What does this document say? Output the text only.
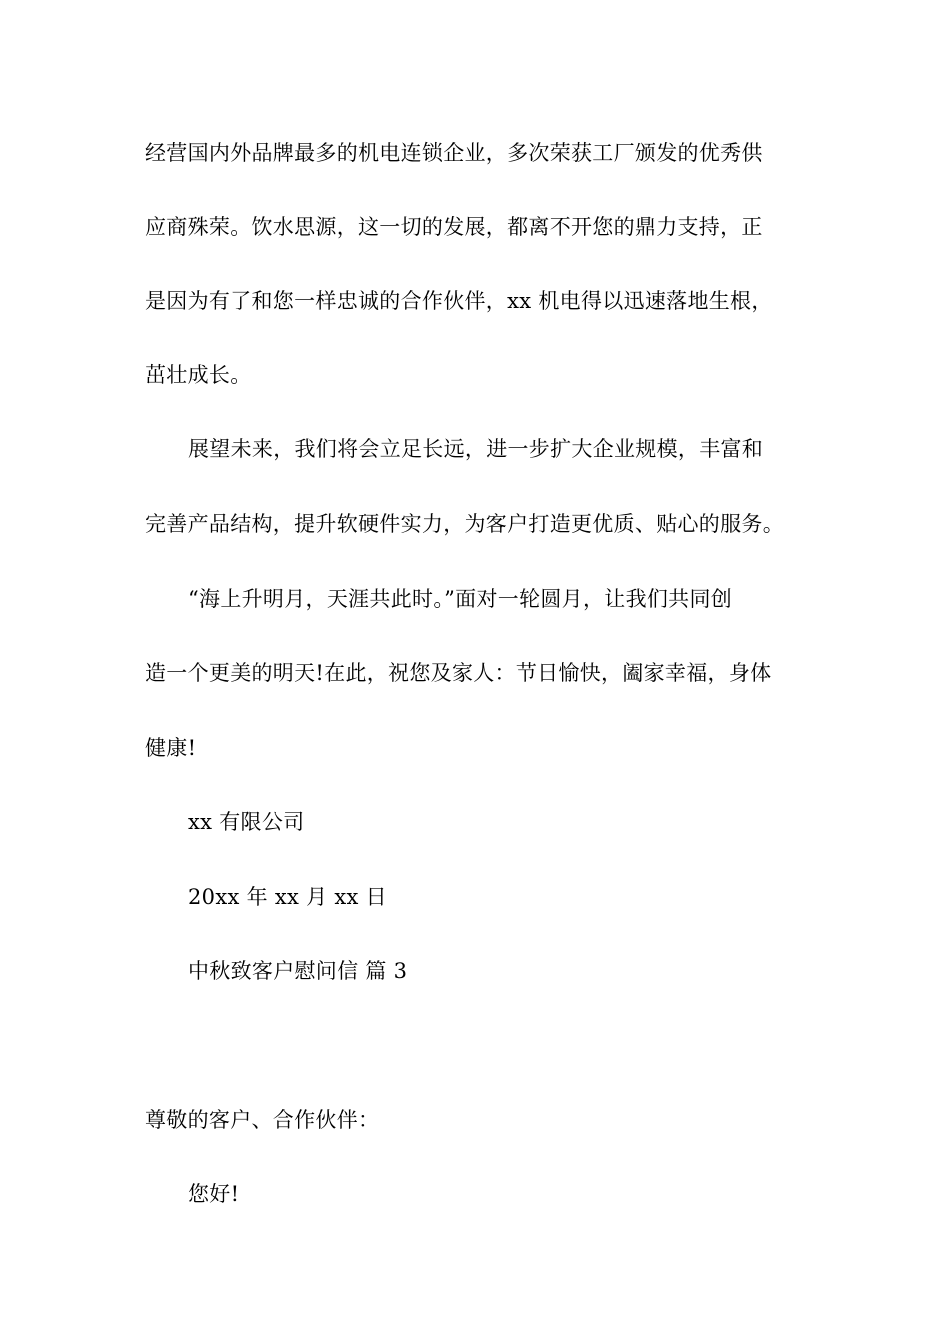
经营国内外品牌最多的机电连锁企业，多次荣获工厂颁发的优秀供
应商殊荣。饮水思源，这一切的发展，都离不开您的鼎力支持，正
是因为有了和您一样忠诚的合作伙伴，xx 机电得以迅速落地生根，
茁壮成长。
展望未来，我们将会立足长远，进一步扩大企业规模，丰富和
完善产品结构，提升软硬件实力，为客户打造更优质、贴心的服务。
“海上升明月，天涯共此时。”面对一轮圆月，让我们共同创
造一个更美的明天!在此，祝您及家人：节日愉快，阖家幸福，身体
健康!
xx 有限公司
20xx 年 xx 月 xx 日
中秋致客户慰问信 篇 3
尊敬的客户、合作伙伴：
您好!
